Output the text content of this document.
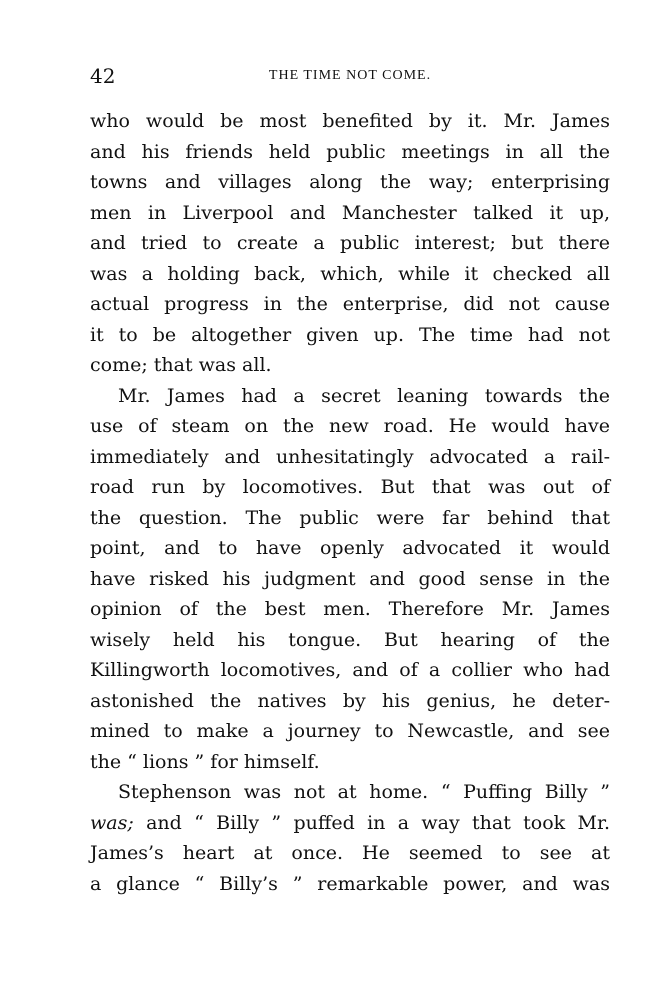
42	THE TIME NOT COME.
who would be most benefited by it. Mr. James
and his friends held public meetings in all the
towns and villages along the way; enterprising
men in Liverpool and Manchester talked it up,
and tried to create a public interest; but there
was a holding back, which, while it checked all
actual progress in the enterprise, did not cause
it to be altogether given up. The time had not
come; that was all.
Mr. James had a secret leaning towards the
use of steam on the new road. He would have
immediately and unhesitatingly advocated a rail-
road run by locomotives. But that was out of
the question. The public were far behind that
point, and to have openly advocated it would
have risked his judgment and good sense in the
opinion of the best men. Therefore Mr. James
wisely held his tongue. But hearing of the
Killingworth locomotives, and of a collier who had
astonished the natives by his genius, he deter-
mined to make a journey to Newcastle, and see
the “ lions ” for himself.
Stephenson was not at home. “ Puffing Billy ”
was; and “ Billy ” puffed in a way that took Mr.
James’s heart at once. He seemed to see at
a glance “ Billy’s ” remarkable power, and was
